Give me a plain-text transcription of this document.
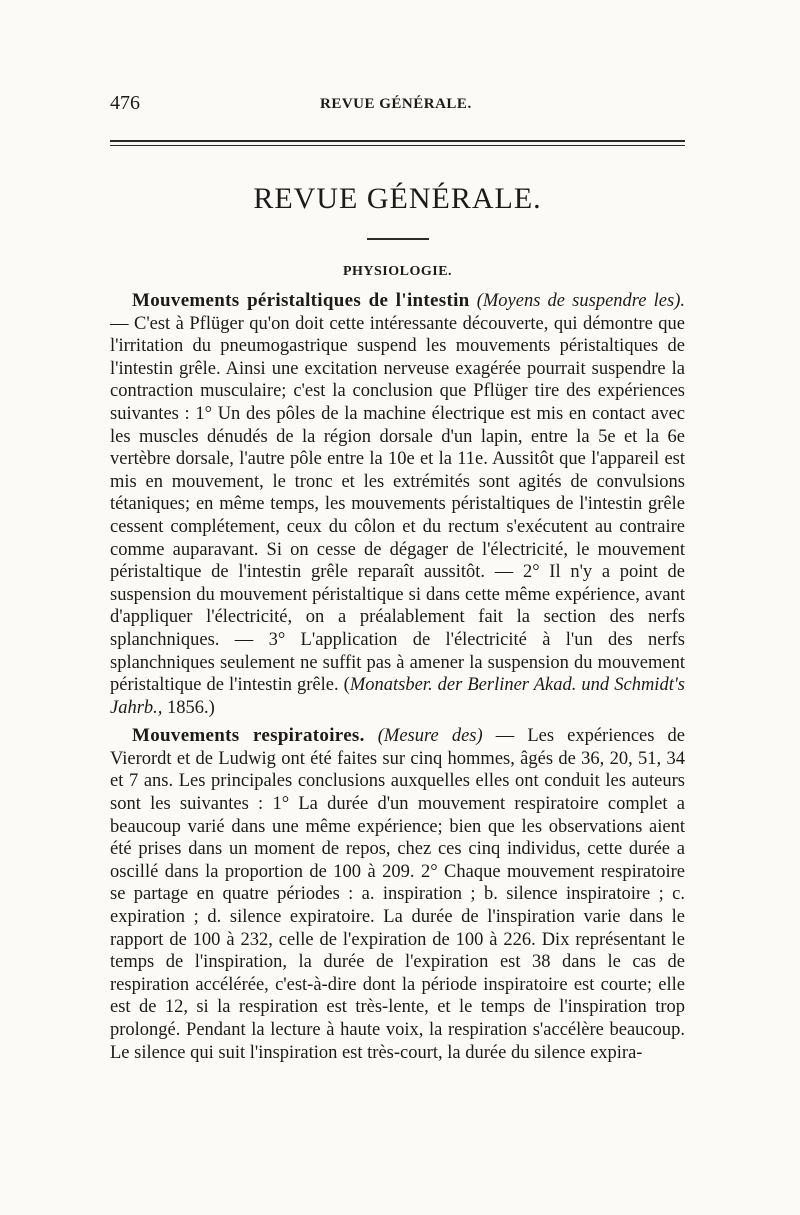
476	REVUE GÉNÉRALE.
REVUE GÉNÉRALE.
PHYSIOLOGIE.

Mouvements péristaltiques de l'intestin (Moyens de suspendre les). — C'est à Pflüger qu'on doit cette intéressante découverte, qui démontre que l'irritation du pneumogastrique suspend les mouvements péristaltiques de l'intestin grêle. Ainsi une excitation nerveuse exagérée pourrait suspendre la contraction musculaire; c'est la conclusion que Pflüger tire des expériences suivantes : 1° Un des pôles de la machine électrique est mis en contact avec les muscles dénudés de la région dorsale d'un lapin, entre la 5e et la 6e vertèbre dorsale, l'autre pôle entre la 10e et la 11e. Aussitôt que l'appareil est mis en mouvement, le tronc et les extrémités sont agités de convulsions tétaniques; en même temps, les mouvements péristaltiques de l'intestin grêle cessent complétement, ceux du côlon et du rectum s'exécutent au contraire comme auparavant. Si on cesse de dégager de l'électricité, le mouvement péristaltique de l'intestin grêle reparaît aussitôt. — 2° Il n'y a point de suspension du mouvement péristaltique si dans cette même expérience, avant d'appliquer l'électricité, on a préalablement fait la section des nerfs splanchniques. — 3° L'application de l'électricité à l'un des nerfs splanchniques seulement ne suffit pas à amener la suspension du mouvement péristaltique de l'intestin grêle. (Monatsber. der Berliner Akad. und Schmidt's Jahrb., 1856.)

Mouvements respiratoires. (Mesure des) — Les expériences de Vierordt et de Ludwig ont été faites sur cinq hommes, âgés de 36, 20, 51, 34 et 7 ans. Les principales conclusions auxquelles elles ont conduit les auteurs sont les suivantes : 1° La durée d'un mouvement respiratoire complet a beaucoup varié dans une même expérience; bien que les observations aient été prises dans un moment de repos, chez ces cinq individus, cette durée a oscillé dans la proportion de 100 à 209. 2° Chaque mouvement respiratoire se partage en quatre périodes : a. inspiration ; b. silence inspiratoire ; c. expiration ; d. silence expiratoire. La durée de l'inspiration varie dans le rapport de 100 à 232, celle de l'expiration de 100 à 226. Dix représentant le temps de l'inspiration, la durée de l'expiration est 38 dans le cas de respiration accélérée, c'est-à-dire dont la période inspiratoire est courte; elle est de 12, si la respiration est très-lente, et le temps de l'inspiration trop prolongé. Pendant la lecture à haute voix, la respiration s'accélère beaucoup. Le silence qui suit l'inspiration est très-court, la durée du silence expira-
